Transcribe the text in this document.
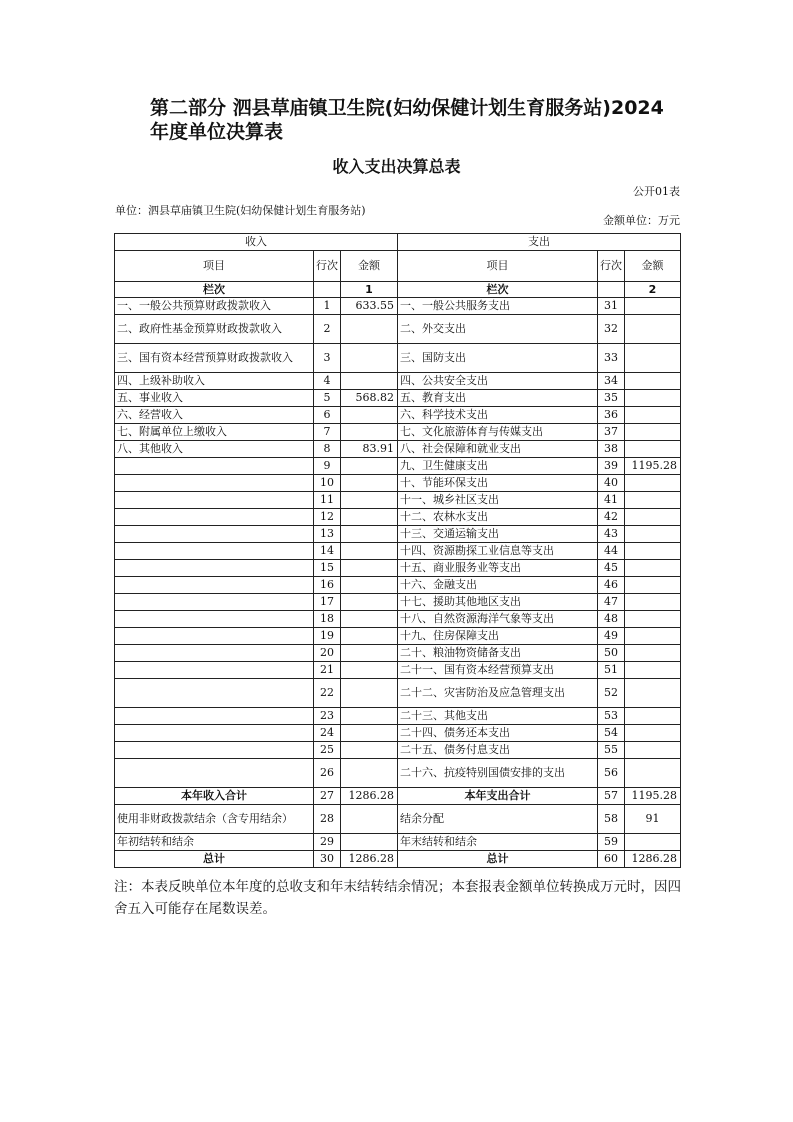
第二部分 泗县草庙镇卫生院(妇幼保健计划生育服务站)2024年度单位决算表
收入支出决算总表
公开01表
单位：泗县草庙镇卫生院(妇幼保健计划生育服务站)
金额单位：万元
收入			支出		
项目	行次	金额	项目	行次	金额
栏次		1	栏次		2
一、一般公共预算财政拨款收入	1	633.55	一、一般公共服务支出	31	
二、政府性基金预算财政拨款收入	2		二、外交支出	32	
三、国有资本经营预算财政拨款收入	3		三、国防支出	33	
四、上级补助收入	4		四、公共安全支出	34	
五、事业收入	5	568.82	五、教育支出	35	
六、经营收入	6		六、科学技术支出	36	
七、附属单位上缴收入	7		七、文化旅游体育与传媒支出	37	
八、其他收入	8	83.91	八、社会保障和就业支出	38	
	9		九、卫生健康支出	39	1195.28
	10		十、节能环保支出	40	
	11		十一、城乡社区支出	41	
	12		十二、农林水支出	42	
	13		十三、交通运输支出	43	
	14		十四、资源勘探工业信息等支出	44	
	15		十五、商业服务业等支出	45	
	16		十六、金融支出	46	
	17		十七、援助其他地区支出	47	
	18		十八、自然资源海洋气象等支出	48	
	19		十九、住房保障支出	49	
	20		二十、粮油物资储备支出	50	
	21		二十一、国有资本经营预算支出	51	
	22		二十二、灾害防治及应急管理支出	52	
	23		二十三、其他支出	53	
	24		二十四、债务还本支出	54	
	25		二十五、债务付息支出	55	
	26		二十六、抗疫特别国债安排的支出	56	
本年收入合计	27	1286.28	本年支出合计	57	1195.28
使用非财政拨款结余（含专用结余）	28		结余分配	58	91
年初结转和结余	29		年末结转和结余	59	
总计	30	1286.28	总计	60	1286.28
注：本表反映单位本年度的总收支和年末结转结余情况；本套报表金额单位转换成万元时，因四舍五入可能存在尾数误差。
